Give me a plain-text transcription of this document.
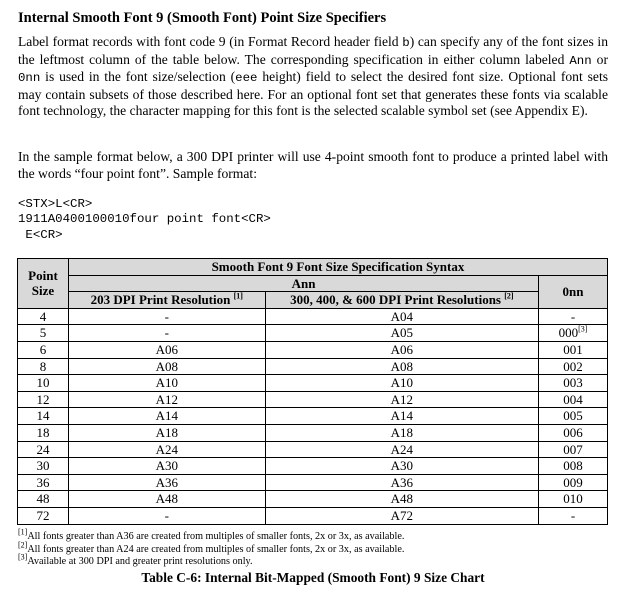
Internal Smooth Font 9 (Smooth Font) Point Size Specifiers
Label format records with font code 9 (in Format Record header field b) can specify any of the font sizes in the leftmost column of the table below. The corresponding specification in either column labeled Ann or 0nn is used in the font size/selection (eee height) field to select the desired font size. Optional font sets may contain subsets of those described here. For an optional font set that generates these fonts via scalable font technology, the character mapping for this font is the selected scalable symbol set (see Appendix E).
In the sample format below, a 300 DPI printer will use 4-point smooth font to produce a printed label with the words “four point font”. Sample format:
<STX>L<CR>
1911A0400100010four point font<CR>
E<CR>
Point Size	Smooth Font 9 Font Size Specification Syntax		
	Ann		0nn
	203 DPI Print Resolution [1]	300, 400, & 600 DPI Print Resolutions [2]
4	-	A04	-
5	-	A05	000[3]
6	A06	A06	001
8	A08	A08	002
10	A10	A10	003
12	A12	A12	004
14	A14	A14	005
18	A18	A18	006
24	A24	A24	007
30	A30	A30	008
36	A36	A36	009
48	A48	A48	010
72	-	A72	-
[1]All fonts greater than A36 are created from multiples of smaller fonts, 2x or 3x, as available.
[2]All fonts greater than A24 are created from multiples of smaller fonts, 2x or 3x, as available.
[3]Available at 300 DPI and greater print resolutions only.
Table C-6: Internal Bit-Mapped (Smooth Font) 9 Size Chart
